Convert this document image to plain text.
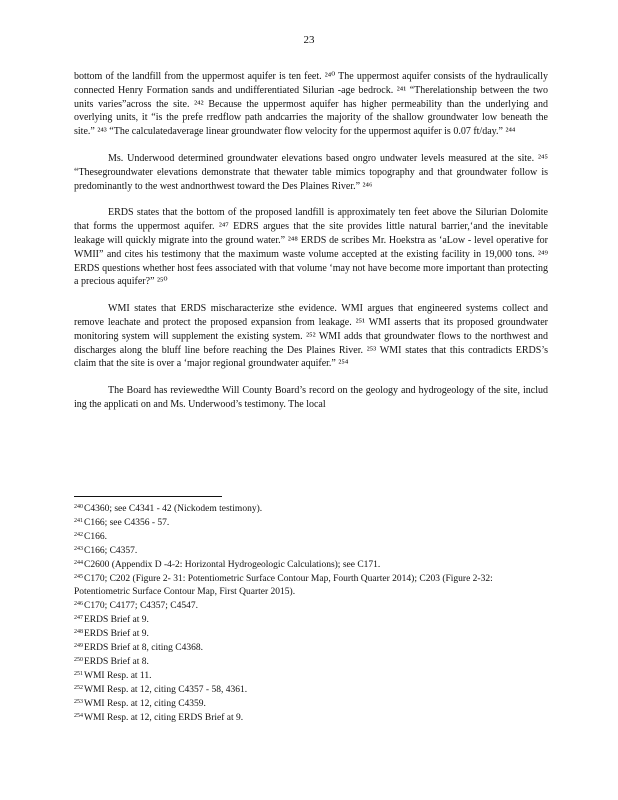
23

bottom of the landfill from the uppermost aquifer is ten feet. ²⁴⁰ The uppermost aquifer consists of the hydraulically connected Henry Formation sands and undifferentiated Silurian -age bedrock. ²⁴¹ “Therelationship between the two units varies”across the site. ²⁴² Because the uppermost aquifer has higher permeability than the underlying and overlying units, it “is the prefe rredflow path andcarries the majority of the shallow groundwater low beneath the site.” ²⁴³ “The calculatedaverage linear groundwater flow velocity for the uppermost aquifer is 0.07 ft/day.” ²⁴⁴

Ms. Underwood determined groundwater elevations based ongro undwater levels measured at the site. ²⁴⁵ “Thesegroundwater elevations demonstrate that thewater table mimics topography and that groundwater follow is predominantly to the west andnorthwest toward the Des Plaines River.” ²⁴⁶

ERDS states that the bottom of the proposed landfill is approximately ten feet above the Silurian Dolomite that forms the uppermost aquifer. ²⁴⁷ EDRS argues that the site provides little natural barrier,‘and the inevitable leakage will quickly migrate into the ground water.” ²⁴⁸ ERDS de scribes Mr. Hoekstra as ‘aLow - level operative for WMII” and cites his testimony that the maximum waste volume accepted at the existing facility in 19,000 tons. ²⁴⁹ ERDS questions whether host fees associated with that volume ‘may not have become more important than protecting a precious aquifer?” ²⁵⁰

WMI states that ERDS mischaracterize sthe evidence. WMI argues that engineered systems collect and remove leachate and protect the proposed expansion from leakage. ²⁵¹ WMI asserts that its proposed groundwater monitoring system will supplement the existing system. ²⁵² WMI adds that groundwater flows to the northwest and discharges along the bluff line before reaching the Des Plaines River. ²⁵³ WMI states that this contradicts ERDS’s claim that the site is over a ‘major regional groundwater aquifer.” ²⁵⁴

The Board has reviewedthe Will County Board’s record on the geology and hydrogeology of the site, includ ing the applicati on and Ms. Underwood’s testimony. The local

$^{240}$C4360; see C4341 - 42 (Nickodem testimony).
$^{241}$C166; see C4356 - 57.
$^{242}$C166.
$^{243}$C166; C4357.
$^{244}$C2600 (Appendix D -4-2: Horizontal Hydrogeologic Calculations); see C171.
$^{245}$C170; C202 (Figure 2- 31: Potentiometric Surface Contour Map, Fourth Quarter 2014); C203 (Figure 2-32: Potentiometric Surface Contour Map, First Quarter 2015).
$^{246}$C170; C4177; C4357; C4547.
$^{247}$ERDS Brief at 9.
$^{248}$ERDS Brief at 9.
$^{249}$ERDS Brief at 8, citing C4368.
$^{250}$ERDS Brief at 8.
$^{251}$WMI Resp. at 11.
$^{252}$WMI Resp. at 12, citing C4357 - 58, 4361.
$^{253}$WMI Resp. at 12, citing C4359.
$^{254}$WMI Resp. at 12, citing ERDS Brief at 9.
